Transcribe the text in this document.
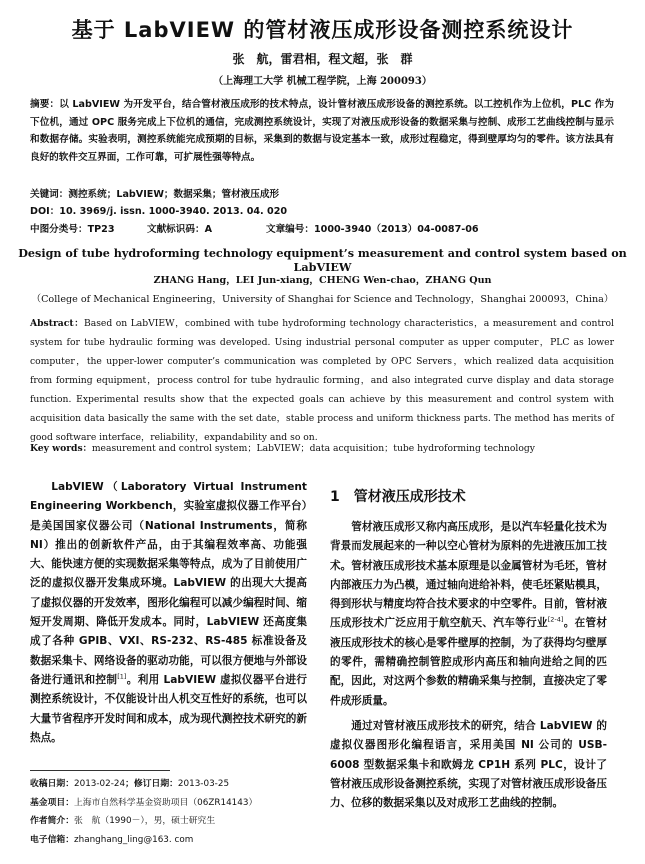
基于 LabVIEW 的管材液压成形设备测控系统设计
张　航，雷君相，程文超，张　群
（上海理工大学 机械工程学院，上海 200093）
摘要：以 LabVIEW 为开发平台，结合管材液压成形的技术特点，设计管材液压成形设备的测控系统。以工控机作为上位机，PLC 作为下位机，通过 OPC 服务完成上下位机的通信，完成测控系统设计，实现了对液压成形设备的数据采集与控制、成形工艺曲线控制与显示和数据存储。实验表明，测控系统能完成预期的目标，采集到的数据与设定基本一致，成形过程稳定，得到壁厚均匀的零件。该方法具有良好的软件交互界面，工作可靠，可扩展性强等特点。
关键词：测控系统；LabVIEW；数据采集；管材液压成形
DOI：10. 3969/j. issn. 1000-3940. 2013. 04. 020
中图分类号：TP23	文献标识码：A	文章编号：1000-3940（2013）04-0087-06
Design of tube hydroforming technology equipment’s measurement and control system based on LabVIEW
ZHANG Hang，LEI Jun-xiang，CHENG Wen-chao，ZHANG Qun
（College of Mechanical Engineering，University of Shanghai for Science and Technology，Shanghai 200093，China）
Abstract：Based on LabVIEW，combined with tube hydroforming technology characteristics，a measurement and control system for tube hydraulic forming was developed. Using industrial personal computer as upper computer，PLC as lower computer，the upper-lower computer’s communication was completed by OPC Servers，which realized data acquisition from forming equipment，process control for tube hydraulic forming，and also integrated curve display and data storage function. Experimental results show that the expected goals can achieve by this measurement and control system with acquisition data basically the same with the set date，stable process and uniform thickness parts. The method has merits of good software interface，reliability，expandability and so on.
Key words：measurement and control system；LabVIEW；data acquisition；tube hydroforming technology

LabVIEW（Laboratory Virtual Instrument Engineering Workbench，实验室虚拟仪器工作平台）是美国国家仪器公司（National Instruments，简称 NI）推出的创新软件产品，由于其编程效率高、功能强大、能快速方便的实现数据采集等特点，成为了目前使用广泛的虚拟仪器开发集成环境。LabVIEW 的出现大大提高了虚拟仪器的开发效率，图形化编程可以减少编程时间、缩短开发周期、降低开发成本。同时，LabVIEW 还高度集成了各种 GPIB、VXI、RS-232、RS-485 标准设备及数据采集卡、网络设备的驱动功能，可以很方便地与外部设备进行通讯和控制[1]。利用 LabVIEW 虚拟仪器平台进行测控系统设计，不仅能设计出人机交互性好的系统，也可以大量节省程序开发时间和成本，成为现代测控技术研究的新热点。

1　管材液压成形技术

管材液压成形又称内高压成形，是以汽车轻量化技术为背景而发展起来的一种以空心管材为原料的先进液压加工技术。管材液压成形技术基本原理是以金属管材为毛坯，管材内部液压力为凸模，通过轴向进给补料，使毛坯紧贴模具，得到形状与精度均符合技术要求的中空零件。目前，管材液压成形技术广泛应用于航空航天、汽车等行业[2-4]。在管材液压成形技术的核心是零件壁厚的控制，为了获得均匀壁厚的零件，需精确控制管腔成形内高压和轴向进给之间的匹配，因此，对这两个参数的精确采集与控制，直接决定了零件成形质量。

通过对管材液压成形技术的研究，结合 LabVIEW 的虚拟仪器图形化编程语言，采用美国 NI 公司的 USB-6008 型数据采集卡和欧姆龙 CP1H 系列 PLC，设计了管材液压成形设备测控系统，实现了对管材液压成形设备压力、位移的数据采集以及对成形工艺曲线的控制。

收稿日期：2013-02-24；修订日期：2013-03-25
基金项目：上海市自然科学基金资助项目（06ZR14143）
作者简介：张　航（1990－），男，硕士研究生
电子信箱：zhanghang_ling@163. com
